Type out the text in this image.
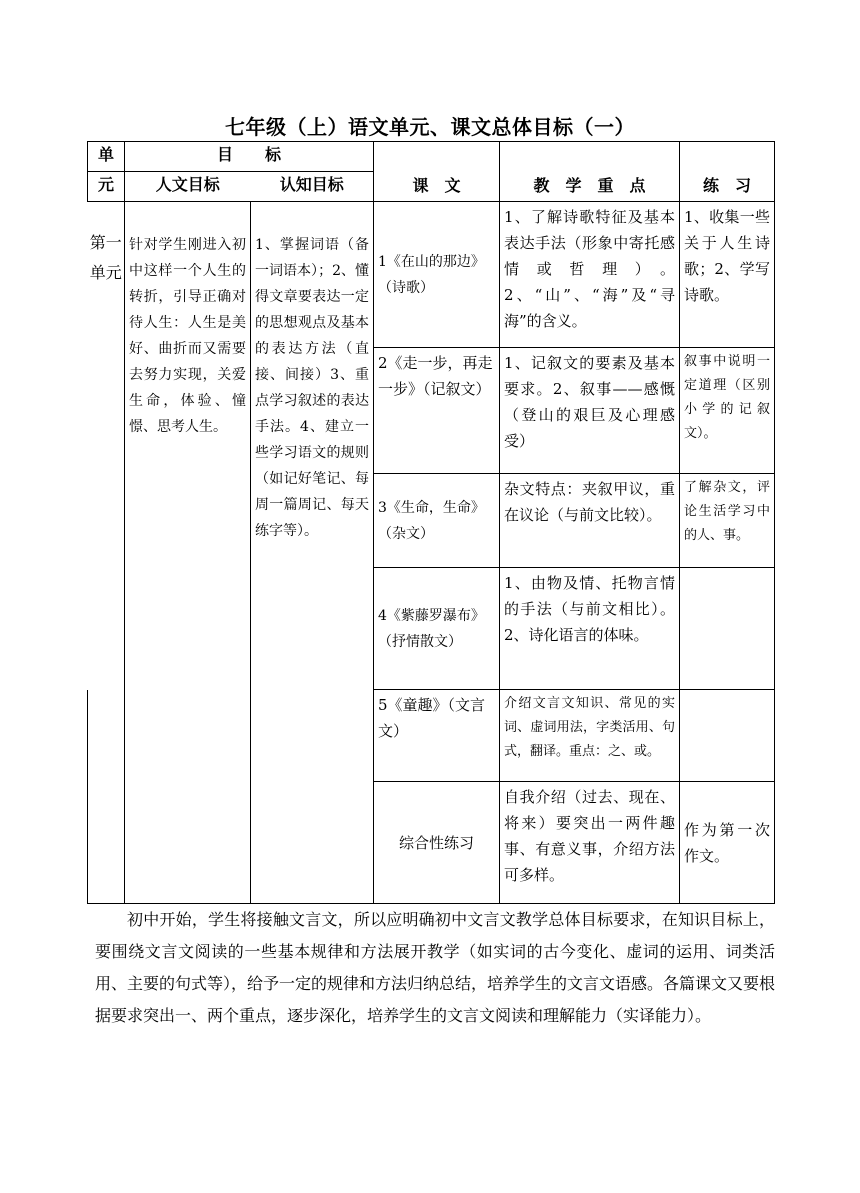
七年级（上）语文单元、课文总体目标（一）
单	目　　标		课　文	教　学　重　点	练　习
元	人文目标	认知目标			
第一单元	针对学生刚进入初中这样一个人生的转折，引导正确对待人生：人生是美好、曲折而又需要去努力实现，关爱生命，体验、憧憬、思考人生。	1、掌握词语（备一词语本）；2、懂得文章要表达一定的思想观点及基本的表达方法（直接、间接）3、重点学习叙述的表达手法。4、建立一些学习语文的规则（如记好笔记、每周一篇周记、每天练字等）。	1《在山的那边》（诗歌）	1、了解诗歌特征及基本表达手法（形象中寄托感情或哲理）。2、“山”、“海”及“寻海”的含义。	1、收集一些关于人生诗歌；2、学写诗歌。
			2《走一步，再走一步》（记叙文）	1、记叙文的要素及基本要求。2、叙事——感慨（登山的艰巨及心理感受）	叙事中说明一定道理（区别小学的记叙文）。
			3《生命，生命》（杂文）	杂文特点：夹叙甲议，重在议论（与前文比较）。	了解杂文，评论生活学习中的人、事。
			4《紫藤罗瀑布》（抒情散文）	1、由物及情、托物言情的手法（与前文相比）。 2、诗化语言的体味。	
			5《童趣》（文言文）	介绍文言文知识、常见的实词、虚词用法，字类活用、句式，翻译。重点：之、或。	
			综合性练习	自我介绍（过去、现在、将来）要突出一两件趣事、有意义事，介绍方法可多样。	作为第一次作文。
初中开始，学生将接触文言文，所以应明确初中文言文教学总体目标要求，在知识目标上，要围绕文言文阅读的一些基本规律和方法展开教学（如实词的古今变化、虚词的运用、词类活用、主要的句式等），给予一定的规律和方法归纳总结，培养学生的文言文语感。各篇课文又要根据要求突出一、两个重点，逐步深化，培养学生的文言文阅读和理解能力（实译能力）。
